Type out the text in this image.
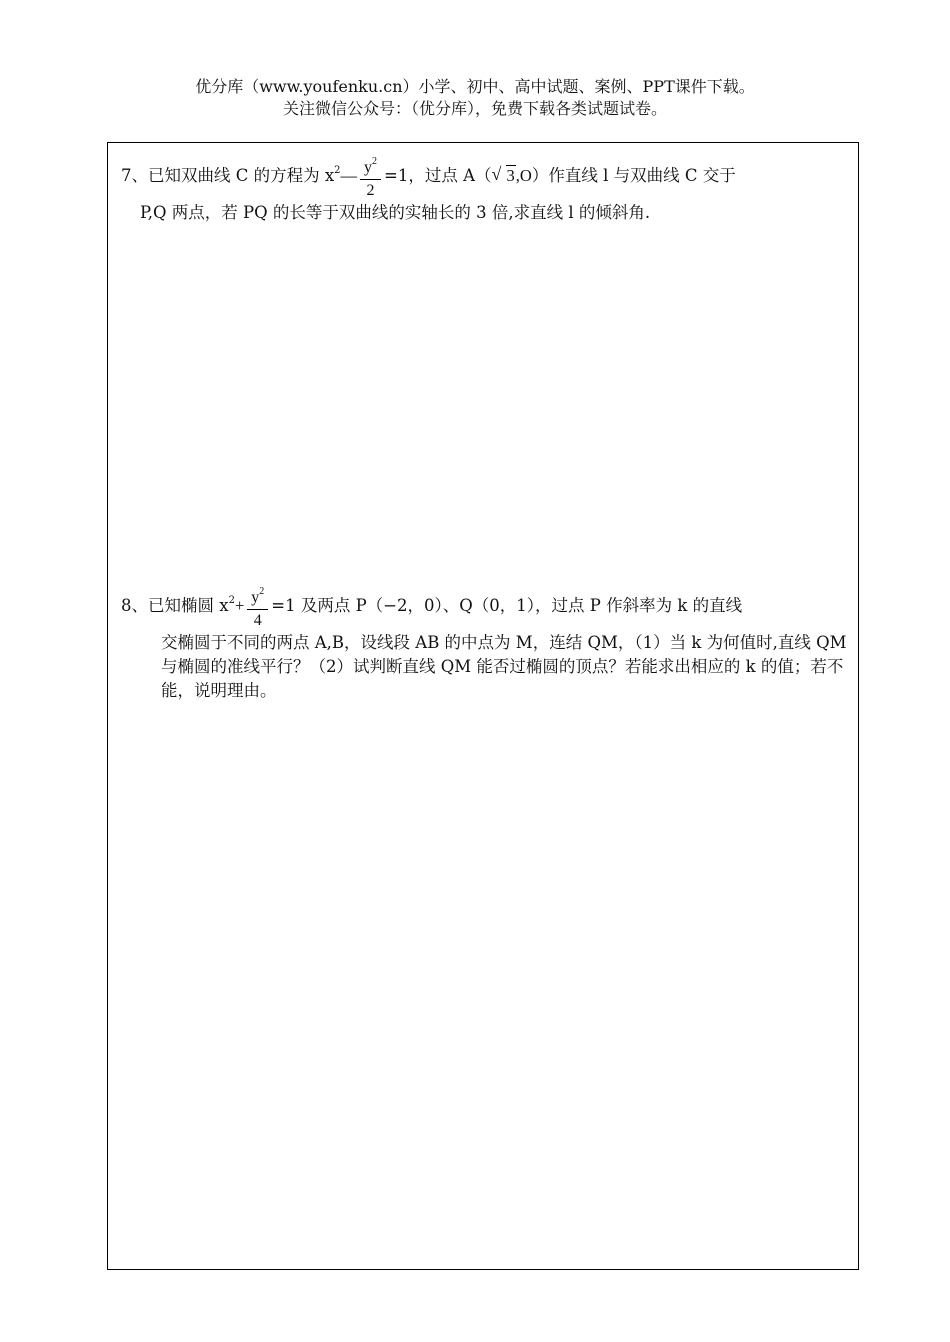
优分库（www.youfenku.cn）小学、初中、高中试题、案例、PPT课件下载。
关注微信公众号：（优分库），免费下载各类试题试卷。
7、已知双曲线 C 的方程为 $x^2— \frac{y^2}{2} =1$，过点 A（ √ 3,O）作直线 l 与双曲线 C 交于
P,Q 两点，若 PQ 的长等于双曲线的实轴长的 3 倍,求直线 l 的倾斜角.
8、已知椭圆 $x^2+ \frac{y^2}{4} =1$ 及两点 P（−2，0）、Q（0，1），过点 P 作斜率为 k 的直线
交椭圆于不同的两点 A,B，设线段 AB 的中点为 M，连结 QM，（1）当 k 为何值时,直线 QM 与椭圆的准线平行？（2）试判断直线 QM 能否过椭圆的顶点？若能求出相应的 k 的值；若不能，说明理由。
